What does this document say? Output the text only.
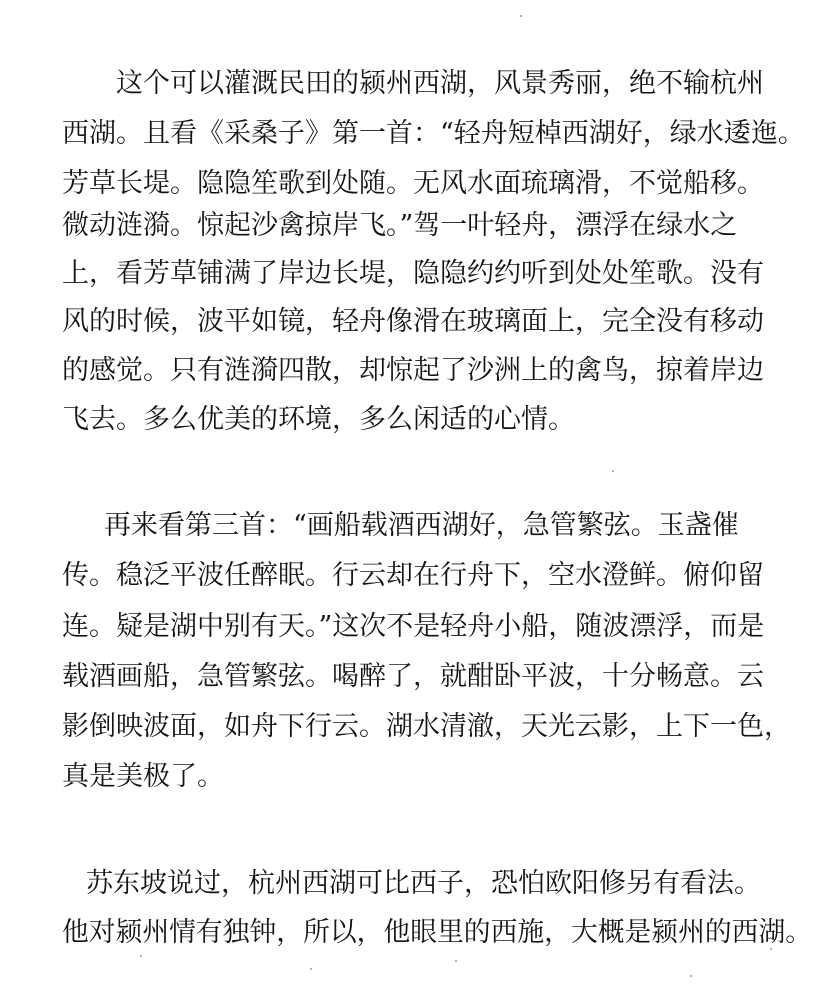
这个可以灌溉民田的颍州西湖，风景秀丽，绝不输杭州
西湖。且看《采桑子》第一首：“轻舟短棹西湖好，绿水逶迤。
芳草长堤。隐隐笙歌到处随。无风水面琉璃滑，不觉船移。
微动涟漪。惊起沙禽掠岸飞。”驾一叶轻舟，漂浮在绿水之
上，看芳草铺满了岸边长堤，隐隐约约听到处处笙歌。没有
风的时候，波平如镜，轻舟像滑在玻璃面上，完全没有移动
的感觉。只有涟漪四散，却惊起了沙洲上的禽鸟，掠着岸边
飞去。多么优美的环境，多么闲适的心情。
再来看第三首：“画船载酒西湖好，急管繁弦。玉盏催
传。稳泛平波任醉眠。行云却在行舟下，空水澄鲜。俯仰留
连。疑是湖中别有天。”这次不是轻舟小船，随波漂浮，而是
载酒画船，急管繁弦。喝醉了，就酣卧平波，十分畅意。云
影倒映波面，如舟下行云。湖水清澈，天光云影，上下一色，
真是美极了。
苏东坡说过，杭州西湖可比西子，恐怕欧阳修另有看法。
他对颍州情有独钟，所以，他眼里的西施，大概是颍州的西湖。
